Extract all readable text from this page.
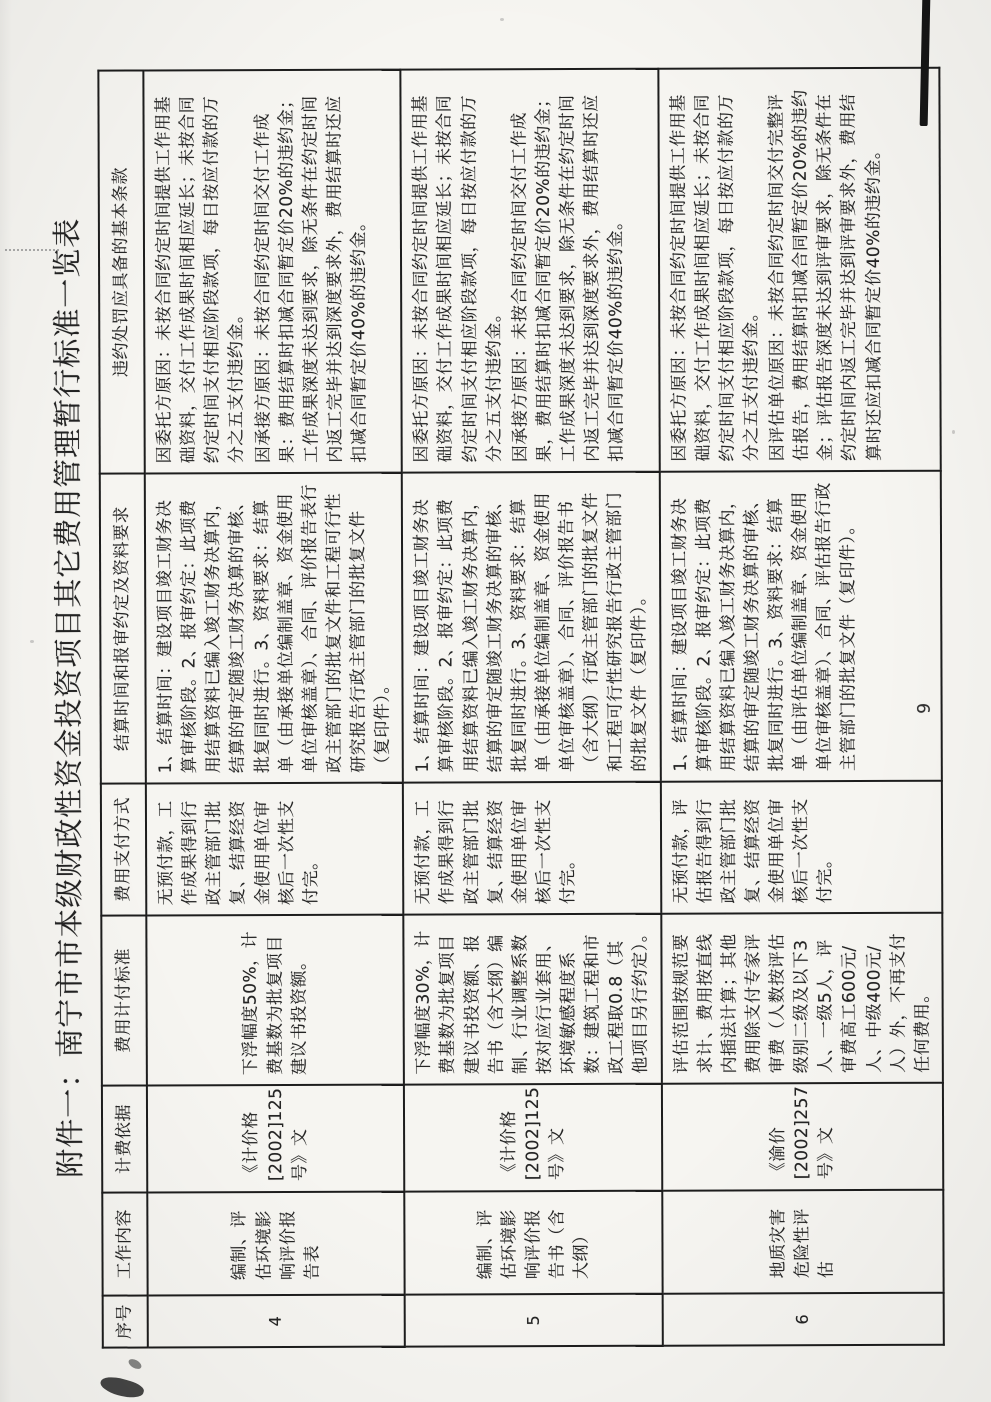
附件一：南宁市市本级财政性资金投资项目其它费用管理暂行标准一览表
序号	工作内容	计费依据	费用计付标准	费用支付方式	结算时间和报审约定及资料要求	违约处罚应具备的基本条款
4	编制、评估环境影响评价报告表	《计价格[2002]125号》文	下浮幅度50%，计费基数为批复项目建议书投资额。	无预付款，工作成果得到行政主管部门批复、结算经资金使用单位审核后一次性支付完。	1、结算时间：建设项目竣工财务决算审核阶段。2、报审约定：此项费用结算资料已编入竣工财务决算内，结算的审定随竣工财务决算的审核、批复同时进行。3、资料要求：结算单（由承接单位编制盖章、资金使用单位审核盖章）、合同、评价报告表行政主管部门的批复文件和工程可行性研究报告行政主管部门的批复文件（复印件）。	因委托方原因：未按合同约定时间提供工作用基础资料，交付工作成果时间相应延长；未按合同约定时间支付相应阶段款项，每日按应付款的万分之五支付违约金。 因承接方原因：未按合同约定时间交付工作成果：费用结算时扣减合同暂定价20%的违约金；工作成果深度未达到要求，除无条件在约定时间内返工完毕并达到深度要求外，费用结算时还应扣减合同暂定价40%的违约金。

5	编制、评估环境影响评价报告书（含大纲）	《计价格[2002]125号》文	下浮幅度30%，计费基数为批复项目建议书投资额、报告书（含大纲）编制、行业调整系数按对应行业套用、环境敏感程度系数：建筑工程和市政工程取0.8（其他项目另行约定）。	无预付款，工作成果得到行政主管部门批复、结算经资金使用单位审核后一次性支付完。	1、结算时间：建设项目竣工财务决算审核阶段。2、报审约定：此项费用结算资料已编入竣工财务决算内，结算的审定随竣工财务决算的审核、批复同时进行。3、资料要求：结算单（由承接单位编制盖章、资金使用单位审核盖章）、合同、评价报告书（含大纲）行政主管部门的批复文件和工程可行性研究报告行政主管部门的批复文件（复印件）。	因委托方原因：未按合同约定时间提供工作用基础资料，交付工作成果时间相应延长；未按合同约定时间支付相应阶段款项，每日按应付款的万分之五支付违约金。 因承接方原因：未按合同约定时间交付工作成果，费用结算时扣减合同暂定价20%的违约金；工作成果深度未达到要求，除无条件在约定时间内返工完毕并达到深度要求外，费用结算时还应扣减合同暂定价40%的违约金。

6	地质灾害危险性评估	《渝价[2002]257号》文	评估范围按规范要求计、费用按直线内插法计算；其他费用除支付专家评审费（人数按评估级别二级及以下3人、一级5人，评审费高工600元/人、中级400元/人）外，不再支付任何费用。	无预付款，评估报告得到行政主管部门批复、结算经资金使用单位审核后一次性支付完。	1、结算时间：建设项目竣工财务决算审核阶段。2、报审约定：此项费用结算资料已编入竣工财务决算内，结算的审定随竣工财务决算的审核、批复同时进行。3、资料要求：结算单（由评估单位编制盖章、资金使用单位审核盖章）、合同、评估报告行政主管部门的批复文件（复印件）。	因委托方原因：未按合同约定时间提供工作用基础资料，交付工作成果时间相应延长；未按合同约定时间支付相应阶段款项，每日按应付款的万分之五支付违约金。 因评估单位原因：未按合同约定时间交付完整评估报告，费用结算时扣减合同暂定价20%的违约金；评估报告深度未达到评审要求，除无条件在约定时间内返工完毕并达到评审要求外，费用结算时还应扣减合同暂定价40%的违约金。

9
